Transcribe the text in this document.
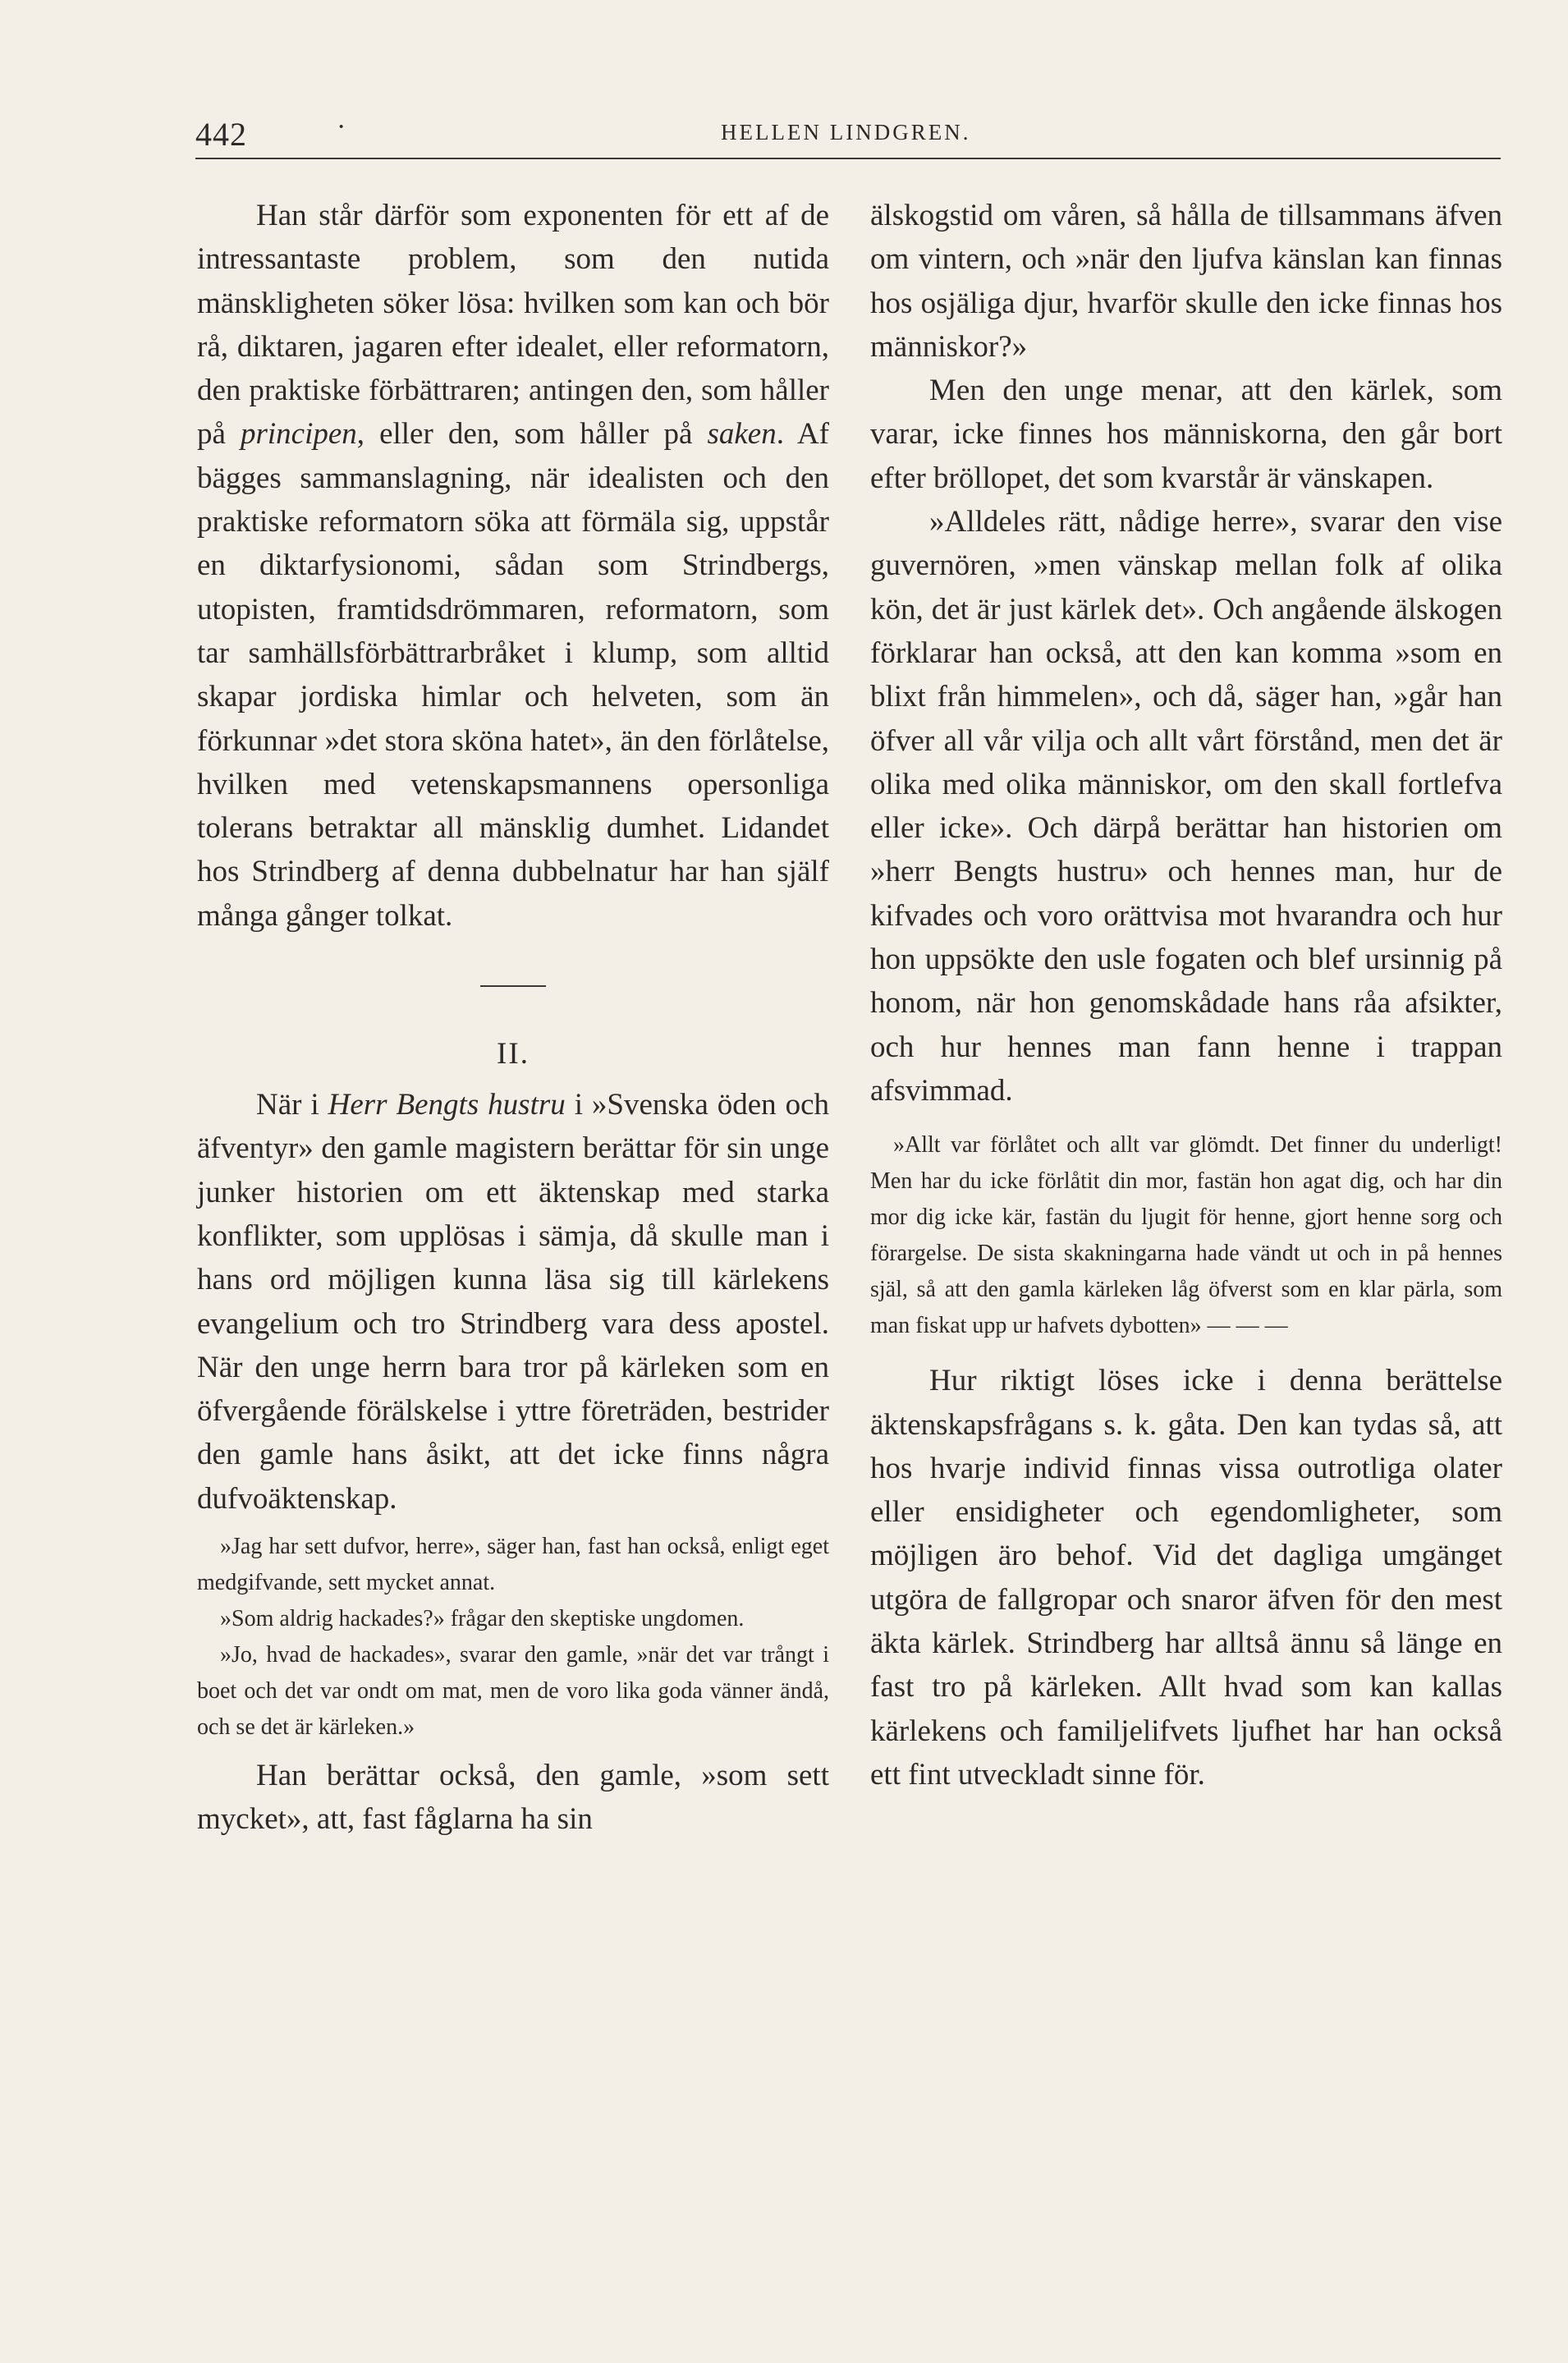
442	·	HELLEN LINDGREN.

Han står därför som exponenten för ett af de intressantaste problem, som den nutida mänskligheten söker lösa: hvilken som kan och bör rå, diktaren, jagaren efter idealet, eller reformatorn, den praktiske förbättraren; antingen den, som håller på principen, eller den, som håller på saken. Af bägges sammanslagning, när idealisten och den praktiske reformatorn söka att förmäla sig, uppstår en diktarfysionomi, sådan som Strindbergs, utopisten, framtidsdrömmaren, reformatorn, som tar samhällsförbättrarbråket i klump, som alltid skapar jordiska himlar och helveten, som än förkunnar »det stora sköna hatet», än den förlåtelse, hvilken med vetenskapsmannens opersonliga tolerans betraktar all mänsklig dumhet. Lidandet hos Strindberg af denna dubbelnatur har han själf många gånger tolkat.

II.

När i Herr Bengts hustru i »Svenska öden och äfventyr» den gamle magistern berättar för sin unge junker historien om ett äktenskap med starka konflikter, som upplösas i sämja, då skulle man i hans ord möjligen kunna läsa sig till kärlekens evangelium och tro Strindberg vara dess apostel. När den unge herrn bara tror på kärleken som en öfvergående förälskelse i yttre företräden, bestrider den gamle hans åsikt, att det icke finns några dufvoäktenskap.

»Jag har sett dufvor, herre», säger han, fast han också, enligt eget medgifvande, sett mycket annat.

»Som aldrig hackades?» frågar den skeptiske ungdomen.

»Jo, hvad de hackades», svarar den gamle, »när det var trångt i boet och det var ondt om mat, men de voro lika goda vänner ändå, och se det är kärleken.»

Han berättar också, den gamle, »som sett mycket», att, fast fåglarna ha sin

älskogstid om våren, så hålla de tillsammans äfven om vintern, och »när den ljufva känslan kan finnas hos osjäliga djur, hvarför skulle den icke finnas hos människor?»

Men den unge menar, att den kärlek, som varar, icke finnes hos människorna, den går bort efter bröllopet, det som kvarstår är vänskapen.

»Alldeles rätt, nådige herre», svarar den vise guvernören, »men vänskap mellan folk af olika kön, det är just kärlek det». Och angående älskogen förklarar han också, att den kan komma »som en blixt från himmelen», och då, säger han, »går han öfver all vår vilja och allt vårt förstånd, men det är olika med olika människor, om den skall fortlefva eller icke». Och därpå berättar han historien om »herr Bengts hustru» och hennes man, hur de kifvades och voro orättvisa mot hvarandra och hur hon uppsökte den usle fogaten och blef ursinnig på honom, när hon genomskådade hans råa afsikter, och hur hennes man fann henne i trappan afsvimmad.

»Allt var förlåtet och allt var glömdt. Det finner du underligt! Men har du icke förlåtit din mor, fastän hon agat dig, och har din mor dig icke kär, fastän du ljugit för henne, gjort henne sorg och förargelse. De sista skakningarna hade vändt ut och in på hennes själ, så att den gamla kärleken låg öfverst som en klar pärla, som man fiskat upp ur hafvets dybotten» — — —

Hur riktigt löses icke i denna berättelse äktenskapsfrågans s. k. gåta. Den kan tydas så, att hos hvarje individ finnas vissa outrotliga olater eller ensidigheter och egendomligheter, som möjligen äro behof. Vid det dagliga umgänget utgöra de fallgropar och snaror äfven för den mest äkta kärlek. Strindberg har alltså ännu så länge en fast tro på kärleken. Allt hvad som kan kallas kärlekens och familjelifvets ljufhet har han också ett fint utveckladt sinne för.
